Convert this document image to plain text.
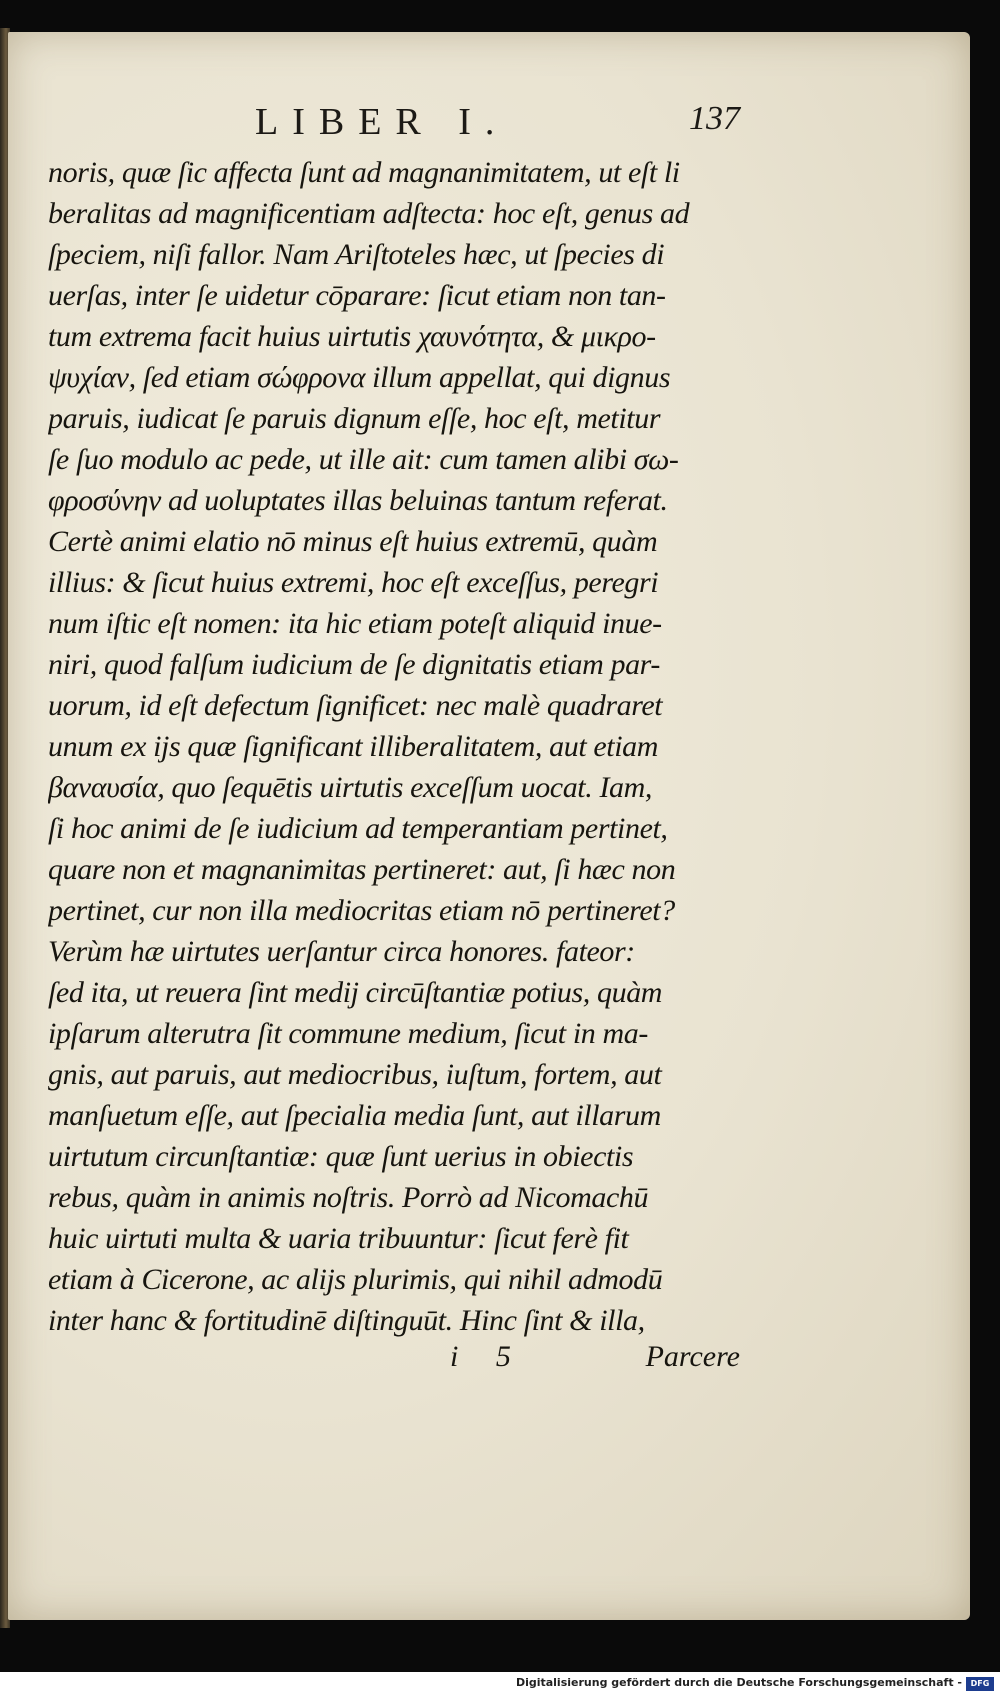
LIBER I.	137
noris, quæ ſic affecta ſunt ad magnanimitatem, ut eſt li
beralitas ad magnificentiam adſtecta: hoc eſt, genus ad
ſpeciem, niſi fallor. Nam Ariſtoteles hæc, ut ſpecies di
uerſas, inter ſe uidetur cōparare: ſicut etiam non tan-
tum extrema facit huius uirtutis χαυνότητα, & μικρο-
ψυχίαν, ſed etiam σώφρονα illum appellat, qui dignus
paruis, iudicat ſe paruis dignum eſſe, hoc eſt, metitur
ſe ſuo modulo ac pede, ut ille ait: cum tamen alibi σω-
φροσύνην ad uoluptates illas beluinas tantum referat.
Certè animi elatio nō minus eſt huius extremū, quàm
illius: & ſicut huius extremi, hoc eſt exceſſus, peregri
num iſtic eſt nomen: ita hic etiam poteſt aliquid inue-
niri, quod falſum iudicium de ſe dignitatis etiam par-
uorum, id eſt defectum ſignificet: nec malè quadraret
unum ex ijs quæ ſignificant illiberalitatem, aut etiam
βαναυσία, quo ſequētis uirtutis exceſſum uocat. Iam,
ſi hoc animi de ſe iudicium ad temperantiam pertinet,
quare non et magnanimitas pertineret: aut, ſi hæc non
pertinet, cur non illa mediocritas etiam nō pertineret?
Verùm hæ uirtutes uerſantur circa honores. fateor:
ſed ita, ut reuera ſint medij circūſtantiæ potius, quàm
ipſarum alterutra ſit commune medium, ſicut in ma-
gnis, aut paruis, aut mediocribus, iuſtum, fortem, aut
manſuetum eſſe, aut ſpecialia media ſunt, aut illarum
uirtutum circunſtantiæ: quæ ſunt uerius in obiectis
rebus, quàm in animis noſtris. Porrò ad Nicomachū
huic uirtuti multa & uaria tribuuntur: ſicut ferè fit
etiam à Cicerone, ac alijs plurimis, qui nihil admodū
inter hanc & fortitudinē diſtinguūt. Hinc ſint & illa,
i 5	Parcere
Digitalisierung gefördert durch die Deutsche Forschungsgemeinschaft -	DFG
